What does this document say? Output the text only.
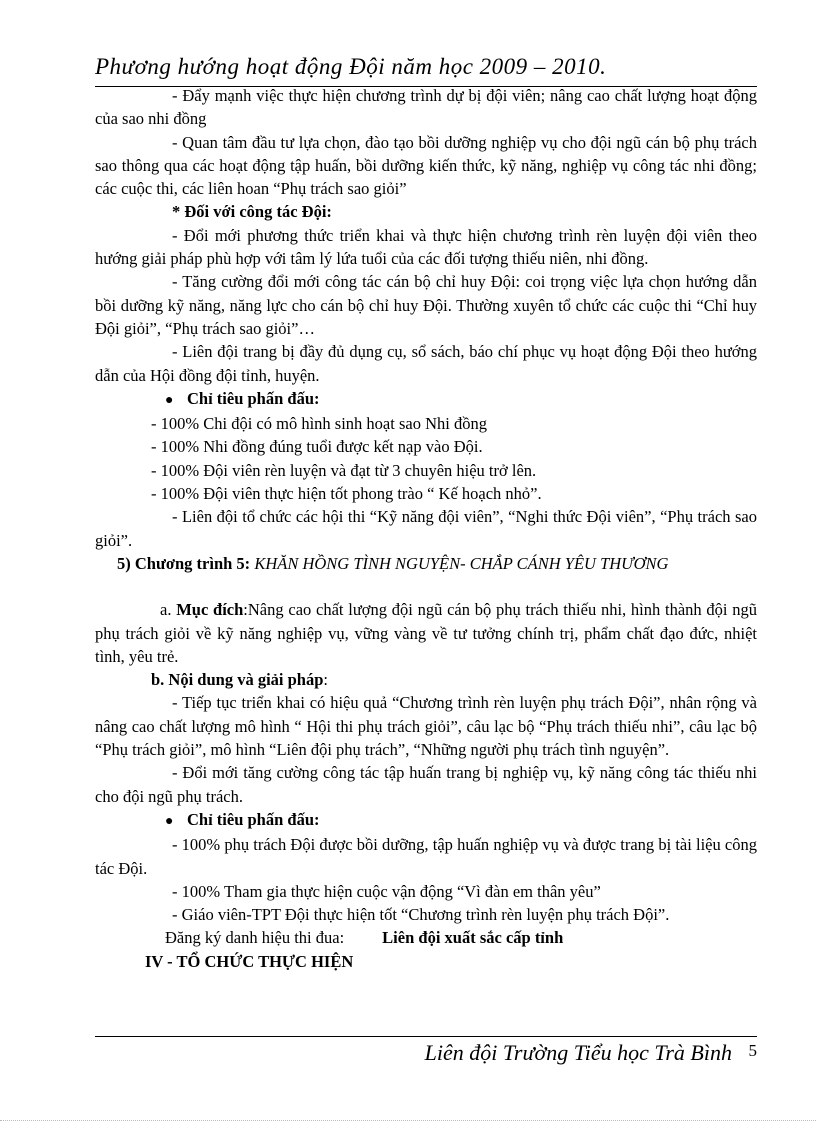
Phương hướng hoạt động Đội năm học 2009 – 2010.

- Đẩy mạnh việc thực hiện chương trình dự bị đội viên; nâng cao chất lượng hoạt động của sao nhi đồng

- Quan tâm đầu tư lựa chọn, đào tạo bồi dưỡng nghiệp vụ cho đội ngũ cán bộ phụ trách sao thông qua các hoạt động tập huấn, bồi dưỡng kiến thức, kỹ năng, nghiệp vụ công tác nhi đồng; các cuộc thi, các liên hoan “Phụ trách sao giỏi”

* Đối với công tác Đội:

- Đổi mới phương thức triển khai và thực hiện chương trình rèn luyện đội viên theo hướng giải pháp phù hợp với tâm lý lứa tuổi của các đối tượng thiếu niên, nhi đồng.

- Tăng cường đổi mới công tác cán bộ chỉ huy Đội: coi trọng việc lựa chọn hướng dẫn bồi dưỡng kỹ năng, năng lực cho cán bộ chỉ huy Đội. Thường xuyên tổ chức các cuộc thi “Chỉ huy Đội giỏi”, “Phụ trách sao giỏi”…

- Liên đội trang bị đầy đủ dụng cụ, sổ sách, báo chí phục vụ hoạt động Đội theo hướng dẫn của Hội đồng đội tỉnh, huyện.

● Chỉ tiêu phấn đấu:

- 100% Chi đội có mô hình sinh hoạt sao Nhi đồng

- 100% Nhi đồng đúng tuổi được kết nạp vào Đội.

- 100% Đội viên rèn luyện và đạt từ 3 chuyên hiệu trở lên.

- 100% Đội viên thực hiện tốt phong trào “ Kế hoạch nhỏ”.

- Liên đội tổ chức các hội thi “Kỹ năng đội viên”, “Nghi thức Đội viên”, “Phụ trách sao giỏi”.

5) Chương trình 5: KHĂN HỒNG TÌNH NGUYỆN- CHẮP CÁNH YÊU THƯƠNG

a. Mục đích:Nâng cao chất lượng đội ngũ cán bộ phụ trách thiếu nhi, hình thành đội ngũ phụ trách giỏi về kỹ năng nghiệp vụ, vững vàng về tư tưởng chính trị, phẩm chất đạo đức, nhiệt tình, yêu trẻ.

b. Nội dung và giải pháp:

- Tiếp tục triển khai có hiệu quả “Chương trình rèn luyện phụ trách Đội”, nhân rộng và nâng cao chất lượng mô hình “ Hội thi phụ trách giỏi”, câu lạc bộ “Phụ trách thiếu nhi”, câu lạc bộ “Phụ trách giỏi”, mô hình “Liên đội phụ trách”, “Những người phụ trách tình nguyện”.

- Đổi mới tăng cường công tác tập huấn trang bị nghiệp vụ, kỹ năng công tác thiếu nhi cho đội ngũ phụ trách.

● Chỉ tiêu phấn đấu:

- 100% phụ trách Đội được bồi dưỡng, tập huấn nghiệp vụ và được trang bị tài liệu công tác Đội.

- 100% Tham gia thực hiện cuộc vận động “Vì đàn em thân yêu”

- Giáo viên-TPT Đội thực hiện tốt “Chương trình rèn luyện phụ trách Đội”.

Đăng ký danh hiệu thi đua: Liên đội xuất sắc cấp tỉnh

IV - TỔ CHỨC THỰC HIỆN

Liên đội Trường Tiểu học Trà Bình 5
